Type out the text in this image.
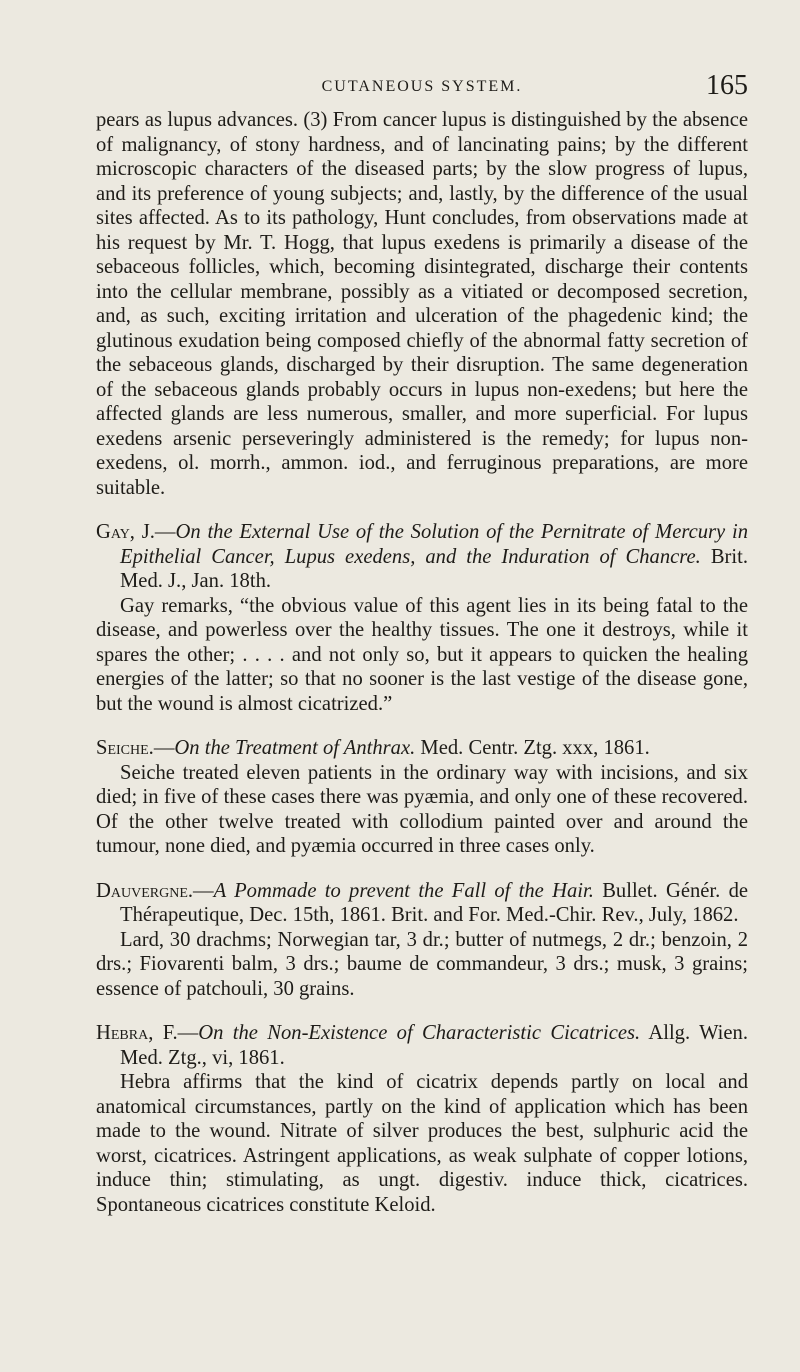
CUTANEOUS SYSTEM.	165

pears as lupus advances. (3) From cancer lupus is distinguished by the absence of malignancy, of stony hardness, and of lancinating pains; by the different microscopic characters of the diseased parts; by the slow progress of lupus, and its preference of young subjects; and, lastly, by the difference of the usual sites affected. As to its pathology, Hunt concludes, from observations made at his request by Mr. T. Hogg, that lupus exedens is primarily a disease of the sebaceous follicles, which, becoming disintegrated, discharge their contents into the cellular membrane, possibly as a vitiated or decomposed secretion, and, as such, exciting irritation and ulceration of the phagedenic kind; the glutinous exudation being composed chiefly of the abnormal fatty secretion of the sebaceous glands, discharged by their disruption. The same degeneration of the sebaceous glands probably occurs in lupus non-exedens; but here the affected glands are less numerous, smaller, and more superficial. For lupus exedens arsenic perseveringly administered is the remedy; for lupus non-exedens, ol. morrh., ammon. iod., and ferruginous preparations, are more suitable.

Gay, J.—On the External Use of the Solution of the Pernitrate of Mercury in Epithelial Cancer, Lupus exedens, and the Induration of Chancre. Brit. Med. J., Jan. 18th.

Gay remarks, “the obvious value of this agent lies in its being fatal to the disease, and powerless over the healthy tissues. The one it destroys, while it spares the other; . . . . and not only so, but it appears to quicken the healing energies of the latter; so that no sooner is the last vestige of the disease gone, but the wound is almost cicatrized.”

Seiche.—On the Treatment of Anthrax. Med. Centr. Ztg. xxx, 1861.

Seiche treated eleven patients in the ordinary way with incisions, and six died; in five of these cases there was pyæmia, and only one of these recovered. Of the other twelve treated with collodium painted over and around the tumour, none died, and pyæmia occurred in three cases only.

Dauvergne.—A Pommade to prevent the Fall of the Hair. Bullet. Génér. de Thérapeutique, Dec. 15th, 1861. Brit. and For. Med.-Chir. Rev., July, 1862.

Lard, 30 drachms; Norwegian tar, 3 dr.; butter of nutmegs, 2 dr.; benzoin, 2 drs.; Fiovarenti balm, 3 drs.; baume de commandeur, 3 drs.; musk, 3 grains; essence of patchouli, 30 grains.

Hebra, F.—On the Non-Existence of Characteristic Cicatrices. Allg. Wien. Med. Ztg., vi, 1861.

Hebra affirms that the kind of cicatrix depends partly on local and anatomical circumstances, partly on the kind of application which has been made to the wound. Nitrate of silver produces the best, sulphuric acid the worst, cicatrices. Astringent applications, as weak sulphate of copper lotions, induce thin; stimulating, as ungt. digestiv. induce thick, cicatrices. Spontaneous cicatrices constitute Keloid.
